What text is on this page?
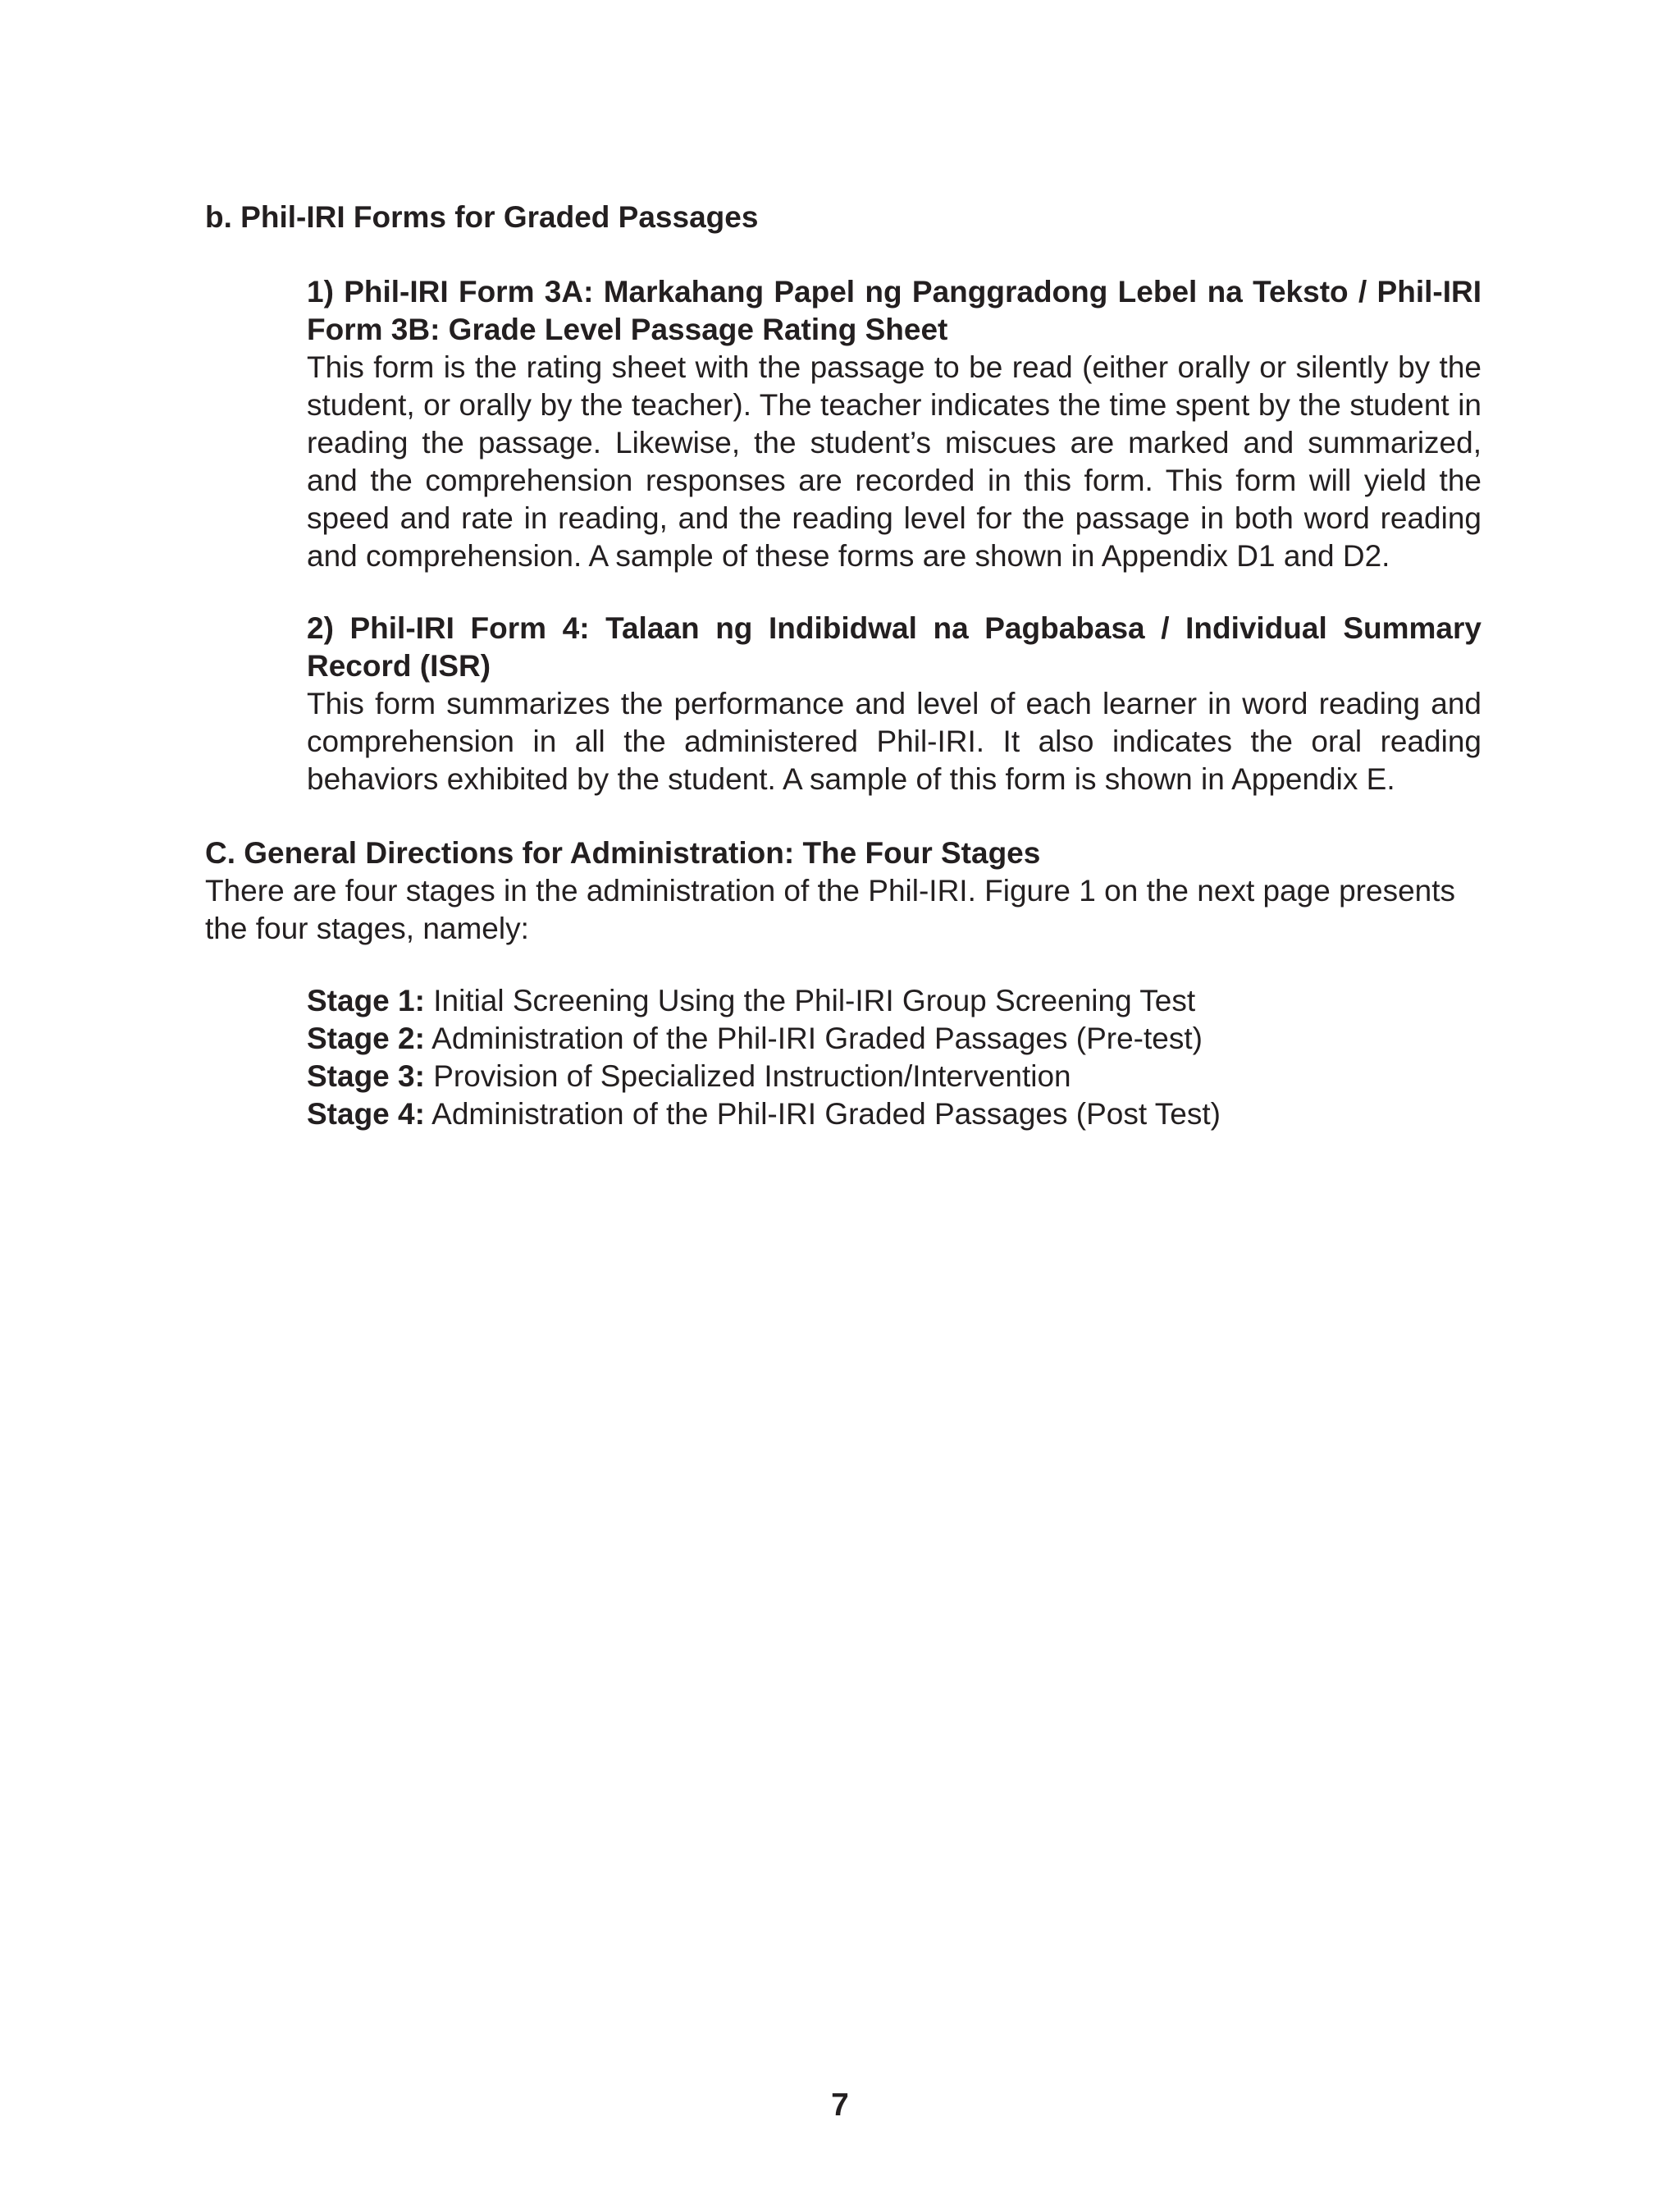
b. Phil-IRI Forms for Graded Passages

1) Phil-IRI Form 3A: Markahang Papel ng Panggradong Lebel na Teksto / Phil-IRI Form 3B: Grade Level Passage Rating Sheet

This form is the rating sheet with the passage to be read (either orally or silently by the student, or orally by the teacher). The teacher indicates the time spent by the student in reading the passage. Likewise, the student’s miscues are marked and summarized, and the comprehension responses are recorded in this form. This form will yield the speed and rate in reading, and the reading level for the passage in both word reading and comprehension. A sample of these forms are shown in Appendix D1 and D2.

2) Phil-IRI Form 4: Talaan ng Indibidwal na Pagbabasa / Individual Summary Record (ISR)

This form summarizes the performance and level of each learner in word reading and comprehension in all the administered Phil-IRI. It also indicates the oral reading behaviors exhibited by the student. A sample of this form is shown in Appendix E.

C. General Directions for Administration: The Four Stages

There are four stages in the administration of the Phil-IRI. Figure 1 on the next page presents the four stages, namely:

Stage 1: Initial Screening Using the Phil-IRI Group Screening Test
Stage 2: Administration of the Phil-IRI Graded Passages (Pre-test)
Stage 3: Provision of Specialized Instruction/Intervention
Stage 4: Administration of the Phil-IRI Graded Passages (Post Test)
7
